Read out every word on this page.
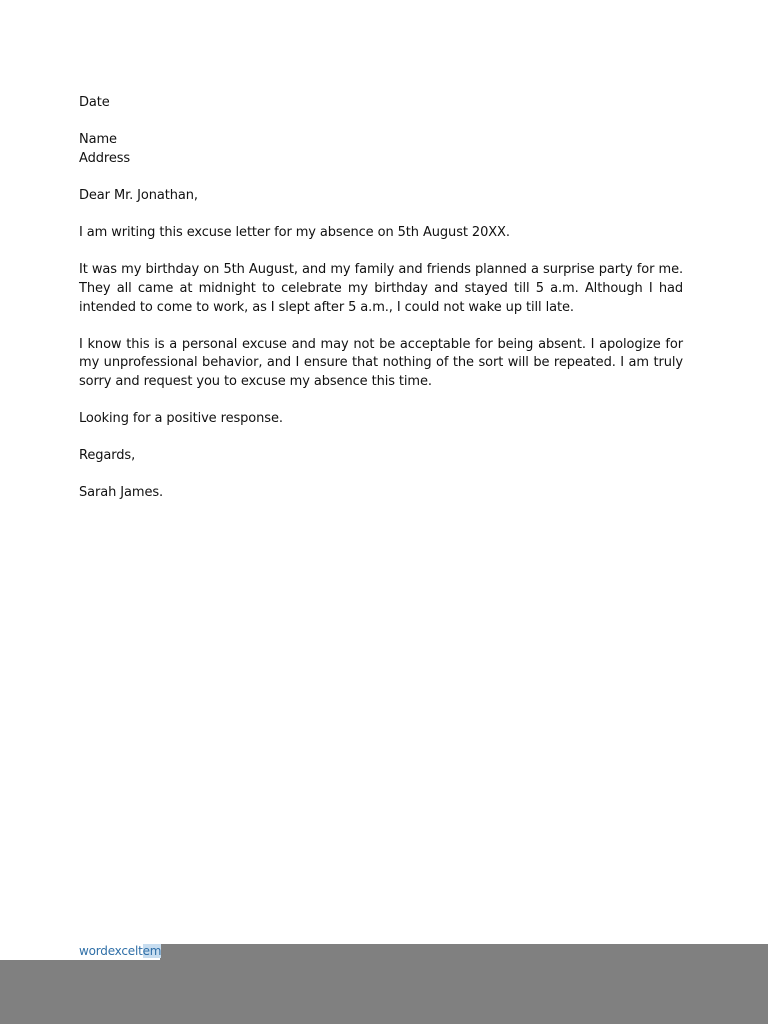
Date

Name

Address

Dear Mr. Jonathan,

I am writing this excuse letter for my absence on 5th August 20XX.

It was my birthday on 5th August, and my family and friends planned a surprise party for me. They all came at midnight to celebrate my birthday and stayed till 5 a.m. Although I had intended to come to work, as I slept after 5 a.m., I could not wake up till late.

I know this is a personal excuse and may not be acceptable for being absent. I apologize for my unprofessional behavior, and I ensure that nothing of the sort will be repeated. I am truly sorry and request you to excuse my absence this time.

Looking for a positive response.

Regards,

Sarah James.

wordexceltem
